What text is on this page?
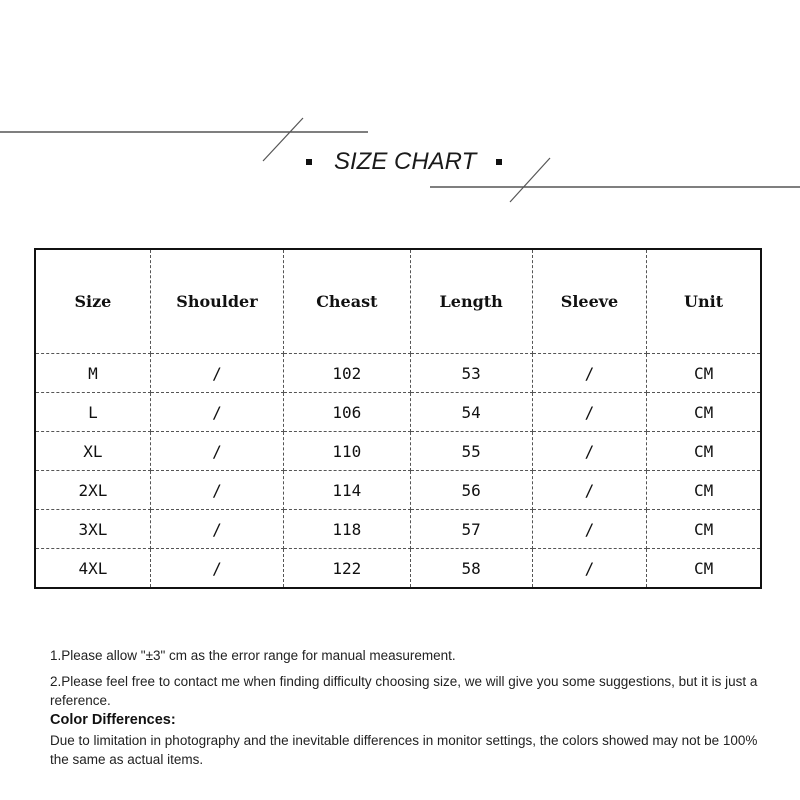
SIZE CHART
Size	Shoulder	Cheast	Length	Sleeve	Unit
M	/	102	53	/	CM
L	/	106	54	/	CM
XL	/	110	55	/	CM
2XL	/	114	56	/	CM
3XL	/	118	57	/	CM
4XL	/	122	58	/	CM

1.Please allow "±3" cm as the error range for manual measurement.

2.Please feel free to contact me when finding difficulty choosing size, we will give you some suggestions, but it is just a reference.

Color Differences:

Due to limitation in photography and the inevitable differences in monitor settings, the colors showed may not be 100% the same as actual items.
